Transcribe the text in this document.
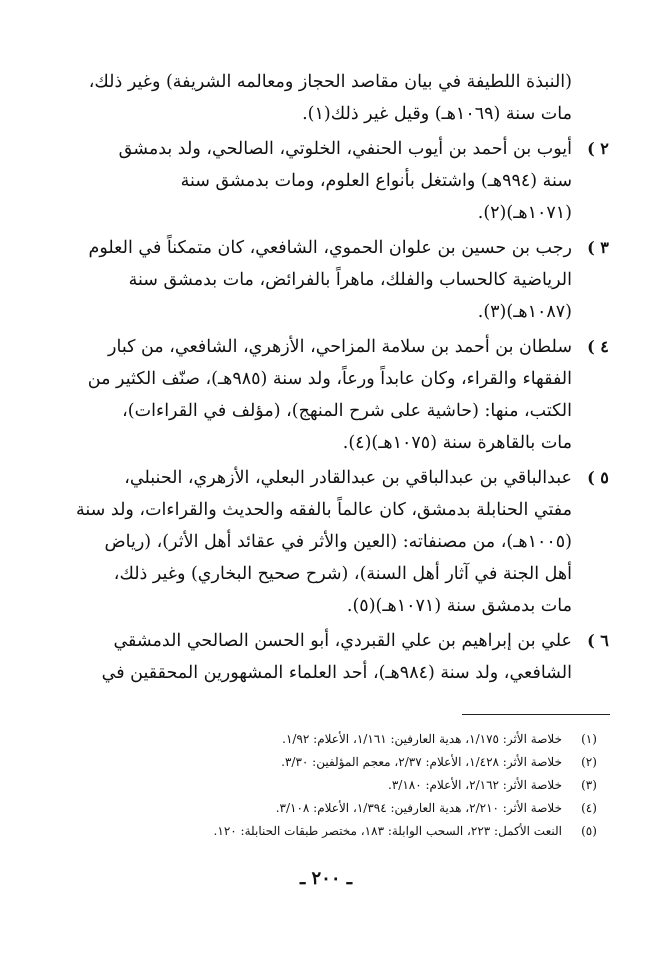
(النبذة اللطيفة في بيان مقاصد الحجاز ومعالمه الشريفة) وغير ذلك،
مات سنة (١٠٦٩هـ) وقيل غير ذلك(١).
٢ )
أيوب بن أحمد بن أيوب الحنفي، الخلوتي، الصالحي، ولد بدمشق
سنة (٩٩٤هـ) واشتغل بأنواع العلوم، ومات بدمشق سنة
(١٠٧١هـ)(٢).
٣ )
رجب بن حسين بن علوان الحموي، الشافعي، كان متمكناً في العلوم
الرياضية كالحساب والفلك، ماهراً بالفرائض، مات بدمشق سنة
(١٠٨٧هـ)(٣).
٤ )
سلطان بن أحمد بن سلامة المزاحي، الأزهري، الشافعي، من كبار
الفقهاء والقراء، وكان عابداً ورعاً، ولد سنة (٩٨٥هـ)، صنّف الكثير من
الكتب، منها: (حاشية على شرح المنهج)، (مؤلف في القراءات)،
مات بالقاهرة سنة (١٠٧٥هـ)(٤).
٥ )
عبدالباقي بن عبدالباقي بن عبدالقادر البعلي، الأزهري، الحنبلي،
مفتي الحنابلة بدمشق، كان عالماً بالفقه والحديث والقراءات، ولد سنة
(١٠٠٥هـ)، من مصنفاته: (العين والأثر في عقائد أهل الأثر)، (رياض
أهل الجنة في آثار أهل السنة)، (شرح صحيح البخاري) وغير ذلك،
مات بدمشق سنة (١٠٧١هـ)(٥).
٦ )
علي بن إبراهيم بن علي القبردي، أبو الحسن الصالحي الدمشقي
الشافعي، ولد سنة (٩٨٤هـ)، أحد العلماء المشهورين المحققين في
(١)
خلاصة الأثر: ١/١٧٥، هدية العارفين: ١/١٦١، الأعلام: ١/٩٢.
(٢)
خلاصة الأثر: ١/٤٢٨، الأعلام: ٢/٣٧، معجم المؤلفين: ٣/٣٠.
(٣)
خلاصة الأثر: ٢/١٦٢، الأعلام: ٣/١٨٠.
(٤)
خلاصة الأثر: ٢/٢١٠، هدية العارفين: ١/٣٩٤، الأعلام: ٣/١٠٨.
(٥)
النعت الأكمل: ٢٢٣، السحب الوابلة: ١٨٣، مختصر طبقات الحنابلة: ١٢٠.
ـ ٢٠٠ ـ
